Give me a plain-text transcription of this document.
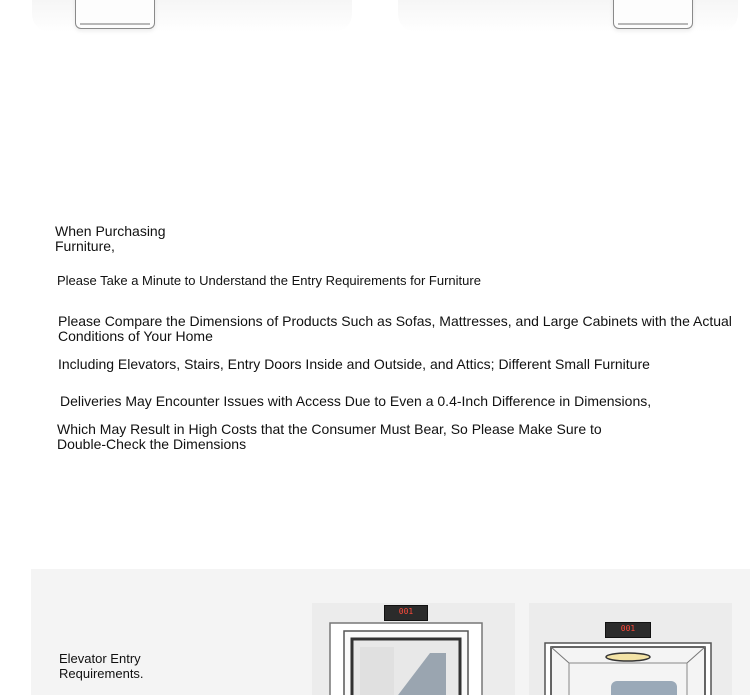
When Purchasing Furniture,
Please Take a Minute to Understand the Entry Requirements for Furniture
Please Compare the Dimensions of Products Such as Sofas, Mattresses, and Large Cabinets with the Actual Conditions of Your Home
Including Elevators, Stairs, Entry Doors Inside and Outside, and Attics; Different Small Furniture
Deliveries May Encounter Issues with Access Due to Even a 0.4-Inch Difference in Dimensions,
Which May Result in High Costs that the Consumer Must Bear, So Please Make Sure to Double-Check the Dimensions
Elevator Entry Requirements.
001
001
